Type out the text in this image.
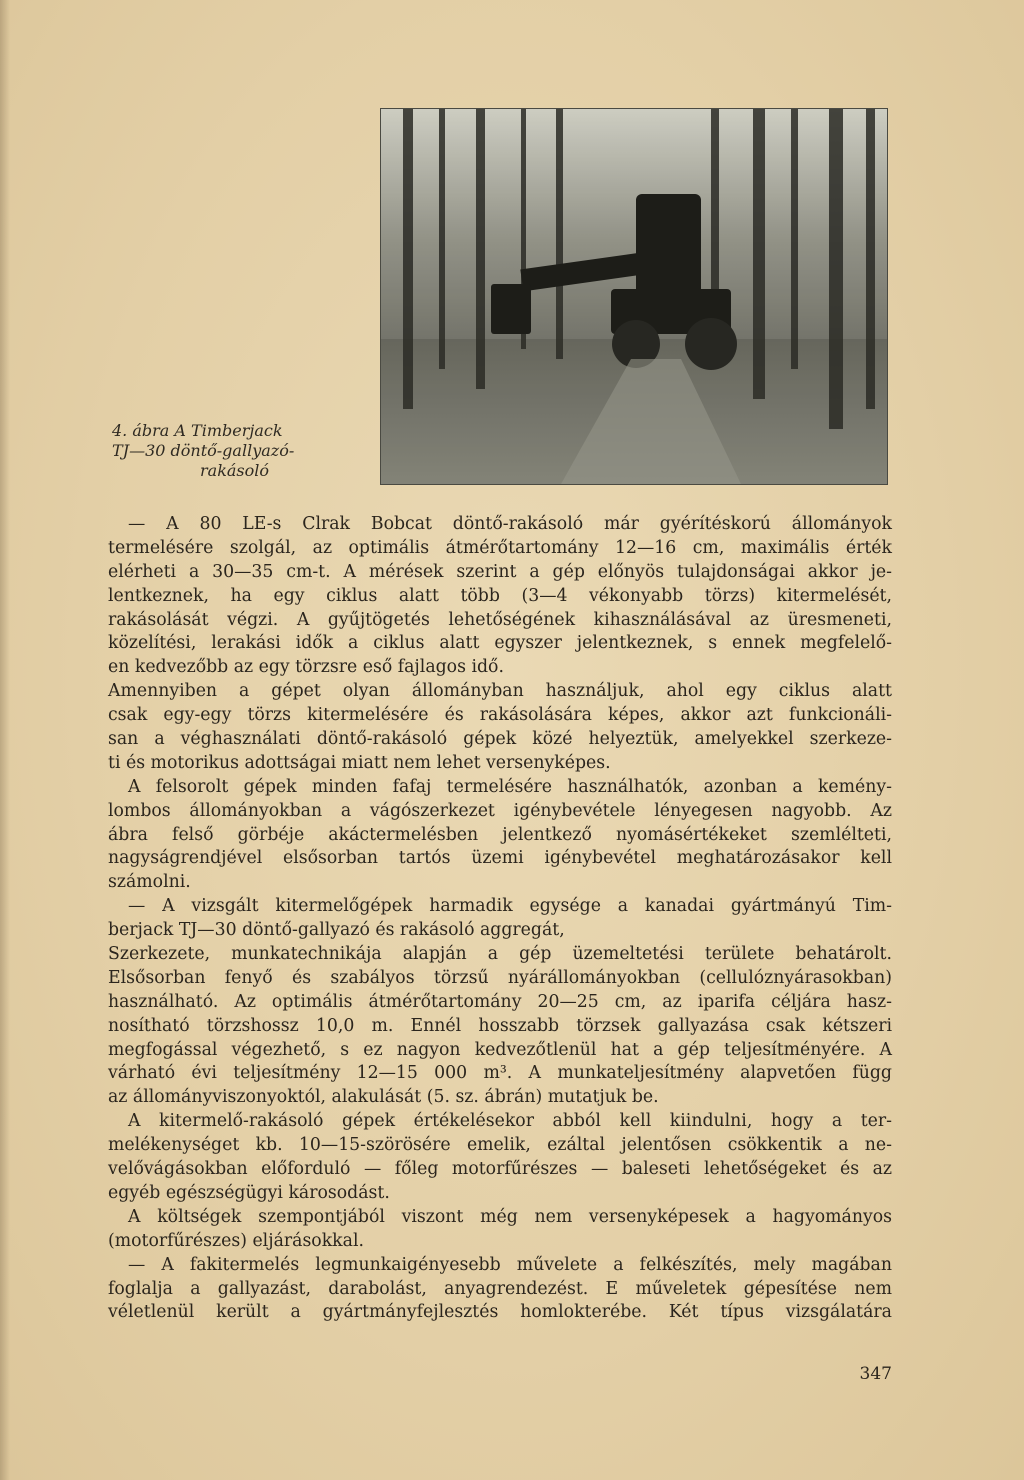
4. ábra A Timberjack
TJ—30 döntő-gallyazó-
rakásoló
— A 80 LE-s Clrak Bobcat döntő-rakásoló már gyérítéskorú állományok
termelésére szolgál, az optimális átmérőtartomány 12—16 cm, maximális érték
elérheti a 30—35 cm-t. A mérések szerint a gép előnyös tulajdonságai akkor je-
lentkeznek, ha egy ciklus alatt több (3—4 vékonyabb törzs) kitermelését,
rakásolását végzi. A gyűjtögetés lehetőségének kihasználásával az üresmeneti,
közelítési, lerakási idők a ciklus alatt egyszer jelentkeznek, s ennek megfelelő-
en kedvezőbb az egy törzsre eső fajlagos idő.
Amennyiben a gépet olyan állományban használjuk, ahol egy ciklus alatt
csak egy-egy törzs kitermelésére és rakásolására képes, akkor azt funkcionáli-
san a véghasználati döntő-rakásoló gépek közé helyeztük, amelyekkel szerkeze-
ti és motorikus adottságai miatt nem lehet versenyképes.
A felsorolt gépek minden fafaj termelésére használhatók, azonban a kemény-
lombos állományokban a vágószerkezet igénybevétele lényegesen nagyobb. Az
ábra felső görbéje akáctermelésben jelentkező nyomásértékeket szemlélteti,
nagyságrendjével elsősorban tartós üzemi igénybevétel meghatározásakor kell
számolni.
— A vizsgált kitermelőgépek harmadik egysége a kanadai gyártmányú Tim-
berjack TJ—30 döntő-gallyazó és rakásoló aggregát,
Szerkezete, munkatechnikája alapján a gép üzemeltetési területe behatárolt.
Elsősorban fenyő és szabályos törzsű nyárállományokban (cellulóznyárasokban)
használható. Az optimális átmérőtartomány 20—25 cm, az iparifa céljára hasz-
nosítható törzshossz 10,0 m. Ennél hosszabb törzsek gallyazása csak kétszeri
megfogással végezhető, s ez nagyon kedvezőtlenül hat a gép teljesítményére. A
várható évi teljesítmény 12—15 000 m³. A munkateljesítmény alapvetően függ
az állományviszonyoktól, alakulását (5. sz. ábrán) mutatjuk be.
A kitermelő-rakásoló gépek értékelésekor abból kell kiindulni, hogy a ter-
melékenységet kb. 10—15-szörösére emelik, ezáltal jelentősen csökkentik a ne-
velővágásokban előforduló — főleg motorfűrészes — baleseti lehetőségeket és az
egyéb egészségügyi károsodást.
A költségek szempontjából viszont még nem versenyképesek a hagyományos
(motorfűrészes) eljárásokkal.
— A fakitermelés legmunkaigényesebb művelete a felkészítés, mely magában
foglalja a gallyazást, darabolást, anyagrendezést. E műveletek gépesítése nem
véletlenül került a gyártmányfejlesztés homlokterébe. Két típus vizsgálatára
347
